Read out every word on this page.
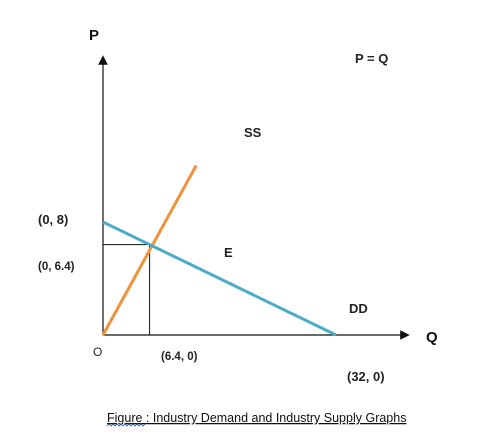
P
Q
O
SS
DD
P = Q
E
(0, 8)
(0, 6.4)
(6.4, 0)
(32, 0)
Figure : Industry Demand and Industry Supply Graphs
